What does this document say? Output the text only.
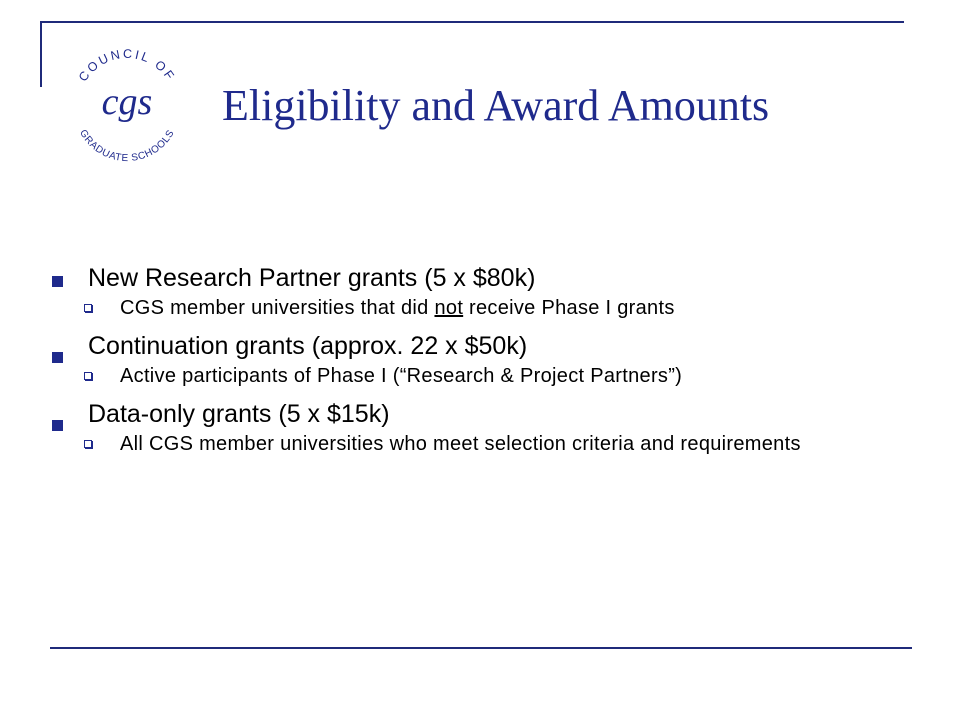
COUNCIL OF
GRADUATE SCHOOLS
cgs Eligibility and Award Amounts
New Research Partner grants (5 x $80k)
CGS member universities that did not receive Phase I grants
Continuation grants (approx. 22 x $50k)
Active participants of Phase I (“Research & Project Partners”)
Data-only grants (5 x $15k)
All CGS member universities who meet selection criteria and requirements
